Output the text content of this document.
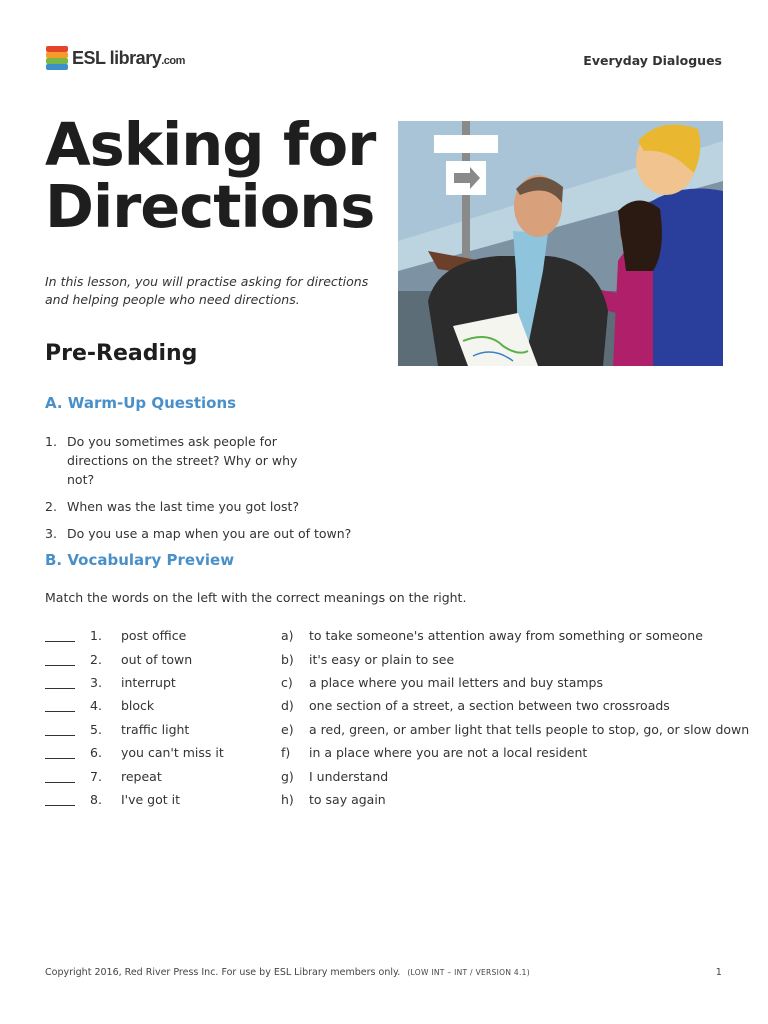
ESL library.com	Everyday Dialogues
Asking for Directions
In this lesson, you will practise asking for directions and helping people who need directions.
Pre-Reading
A. Warm-Up Questions
1. Do you sometimes ask people for directions on the street? Why or why not?
2. When was the last time you got lost?
3. Do you use a map when you are out of town?
B. Vocabulary Preview
Match the words on the left with the correct meanings on the right.
1.	post office	a)	to take someone's attention away from something or someone
2.	out of town	b)	it's easy or plain to see
3.	interrupt	c)	a place where you mail letters and buy stamps
4.	block	d)	one section of a street, a section between two crossroads
5.	traffic light	e)	a red, green, or amber light that tells people to stop, go, or slow down
6.	you can't miss it	f)	in a place where you are not a local resident
7.	repeat	g)	I understand
8.	I've got it	h)	to say again
Copyright 2016, Red River Press Inc. For use by ESL Library members only. (LOW INT – INT / VERSION 4.1)	1
